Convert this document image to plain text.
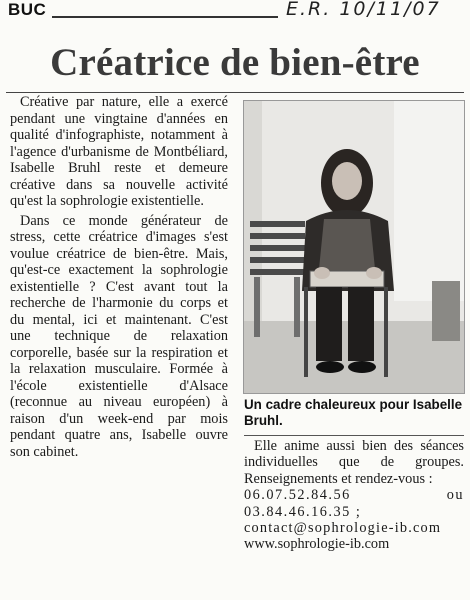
BUC	E.R. 10/11/07
Créatrice de bien-être

Créative par nature, elle a exercé pendant une vingtaine d'années en qualité d'infographiste, notamment à l'agence d'urbanisme de Montbéliard, Isabelle Bruhl reste et demeure créative dans sa nouvelle activité qu'est la sophrologie existentielle.

Dans ce monde générateur de stress, cette créatrice d'images s'est voulue créatrice de bien-être. Mais, qu'est-ce exactement la sophrologie existentielle ? C'est avant tout la recherche de l'harmonie du corps et du mental, ici et maintenant. C'est une technique de relaxation corporelle, basée sur la respiration et la relaxation musculaire. Formée à l'école existentielle d'Alsace (reconnue au niveau européen) à raison d'un week-end par mois pendant quatre ans, Isabelle ouvre son cabinet.

Un cadre chaleureux pour Isabelle Bruhl.

Elle anime aussi bien des séances individuelles que de groupes. Renseignements et rendez-vous :

06.07.52.84.56	ou
03.84.46.16.35 ;
contact@sophrologie-ib.com
www.sophrologie-ib.com
